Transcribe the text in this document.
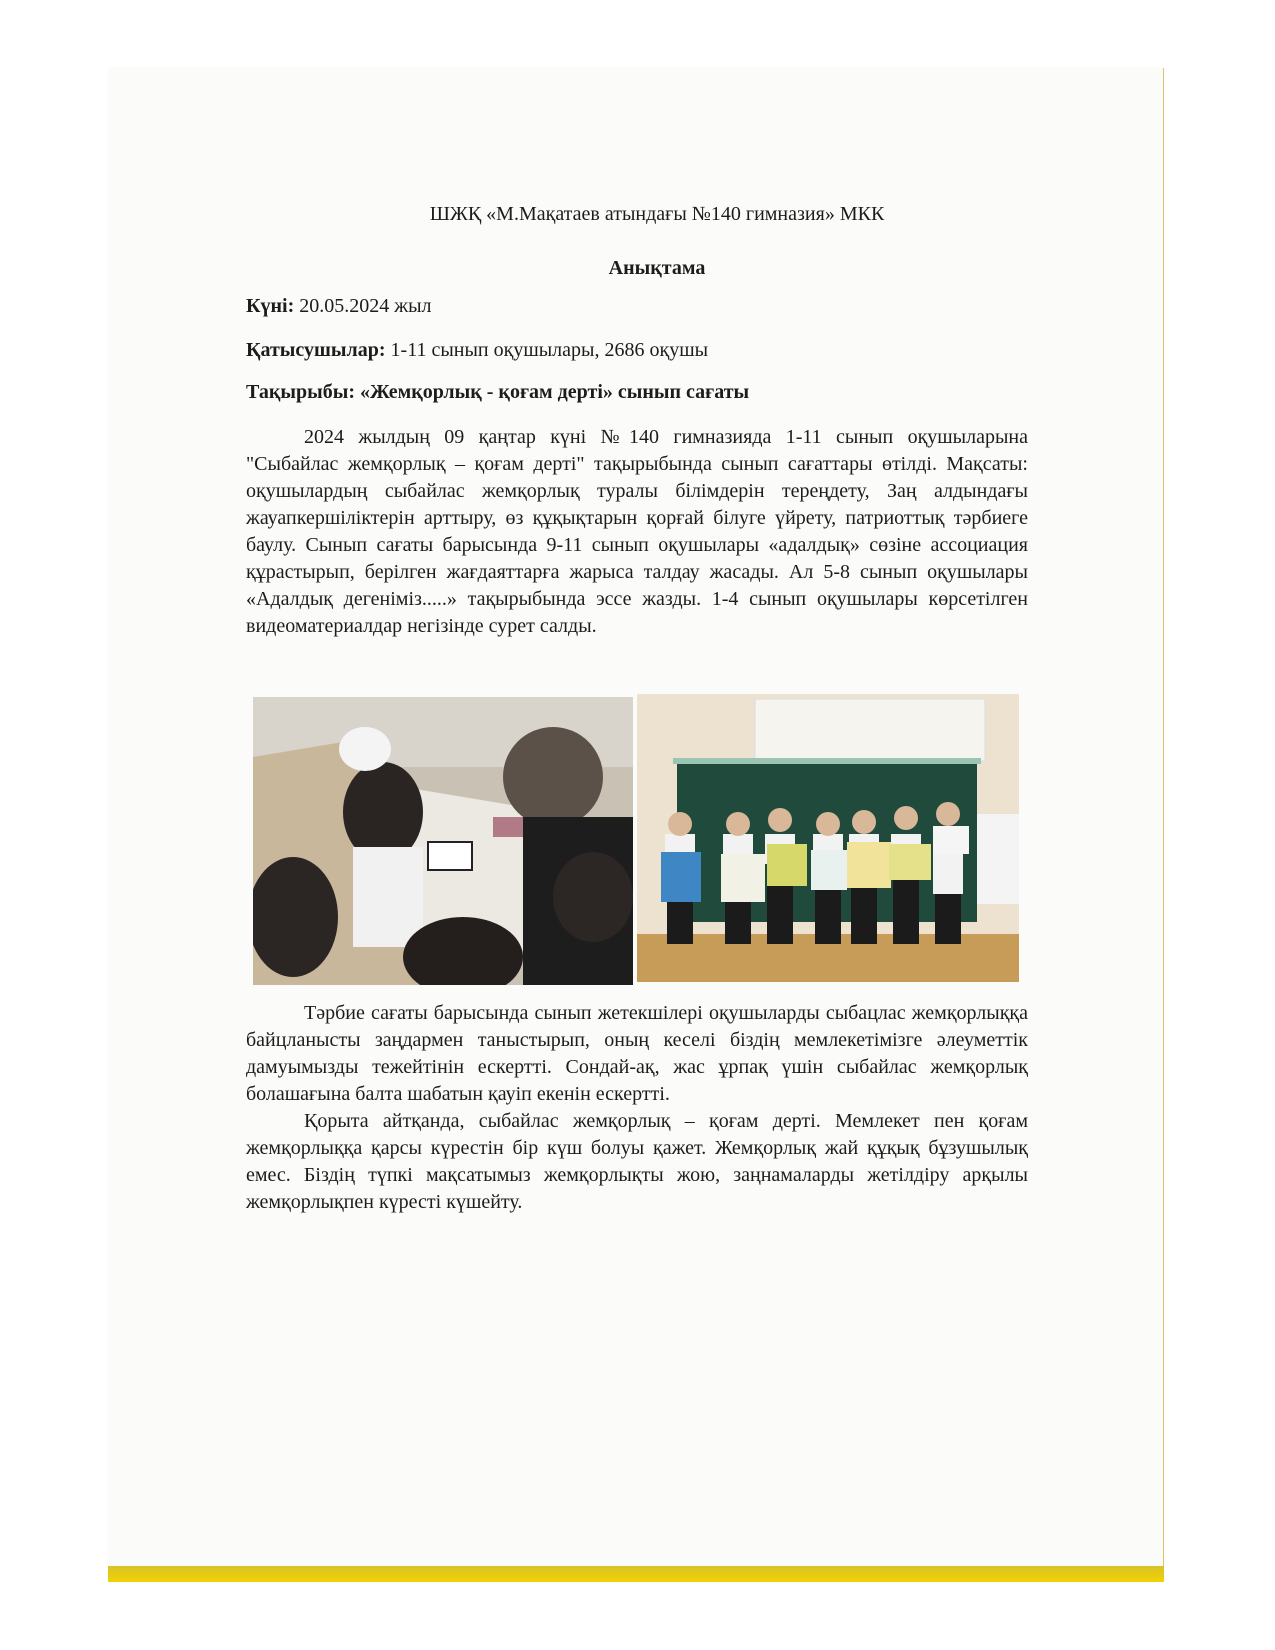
ШЖҚ «М.Мақатаев атындағы №140 гимназия» МКК

Анықтама

Күні: 20.05.2024 жыл

Қатысушылар: 1-11 сынып оқушылары, 2686 оқушы

Тақырыбы: «Жемқорлық - қоғам дерті» сынып сағаты

2024 жылдың 09 қаңтар күні №140 гимназияда 1-11 сынып оқушыларына "Сыбайлас жемқорлық – қоғам дерті" тақырыбында сынып сағаттары өтілді. Мақсаты: оқушылардың сыбайлас жемқорлық туралы білімдерін тереңдету, Заң алдындағы жауапкершіліктерін арттыру, өз құқықтарын қорғай білуге үйрету, патриоттық тәрбиеге баулу. Сынып сағаты барысында 9-11 сынып оқушылары «адалдық» сөзіне ассоциация құрастырып, берілген жағдаяттарға жарыса талдау жасады. Ал 5-8 сынып оқушылары «Адалдық дегеніміз.....» тақырыбында эссе жазды. 1-4 сынып оқушылары көрсетілген видеоматериалдар негізінде сурет салды.

Тәрбие сағаты барысында сынып жетекшілері оқушыларды сыбацлас жемқорлыққа байцланысты заңдармен таныстырып, оның кеселі біздің мемлекетімізге әлеуметтік дамуымызды тежейтінін ескертті. Сондай-ақ, жас ұрпақ үшін сыбайлас жемқорлық болашағына балта шабатын қауіп екенін ескертті.

Қорыта айтқанда, сыбайлас жемқорлық – қоғам дерті. Мемлекет пен қоғам жемқорлыққа қарсы күрестін бір күш болуы қажет. Жемқорлық жай құқық бұзушылық емес. Біздің түпкі мақсатымыз жемқорлықты жою, заңнамаларды жетілдіру арқылы жемқорлықпен күресті күшейту.
